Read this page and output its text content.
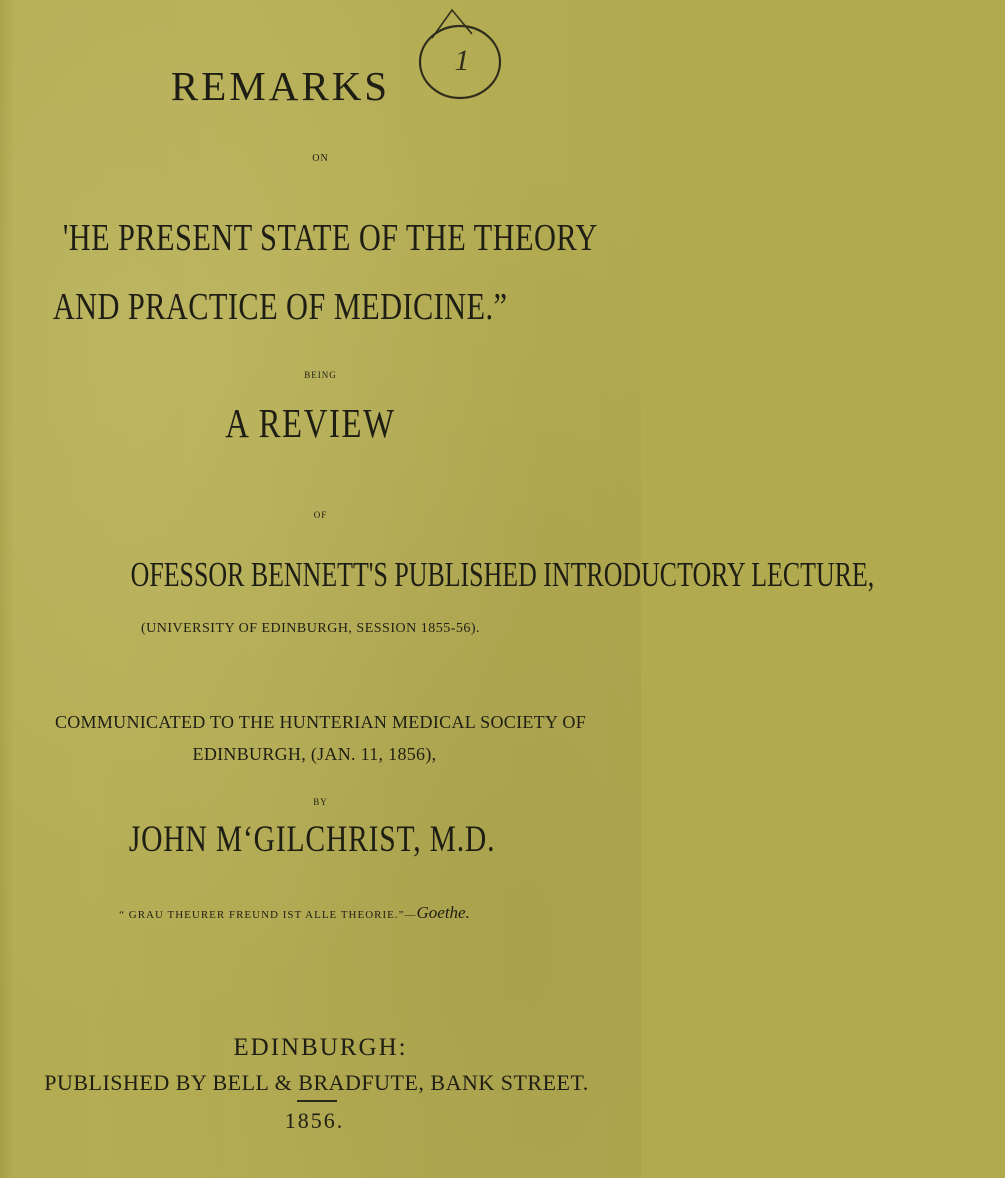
REMARKS
1
ON
'HE PRESENT STATE OF THE THEORY
AND PRACTICE OF MEDICINE.”
BEING
A REVIEW
OF
OFESSOR BENNETT'S PUBLISHED INTRODUCTORY LECTURE,
(UNIVERSITY OF EDINBURGH, SESSION 1855-56).
COMMUNICATED TO THE HUNTERIAN MEDICAL SOCIETY OF
EDINBURGH, (JAN. 11, 1856),
BY
JOHN M‘GILCHRIST, M.D.
“ GRAU THEURER FREUND IST ALLE THEORIE.”—Goethe.
EDINBURGH:
PUBLISHED BY BELL & BRADFUTE, BANK STREET.
1856.
